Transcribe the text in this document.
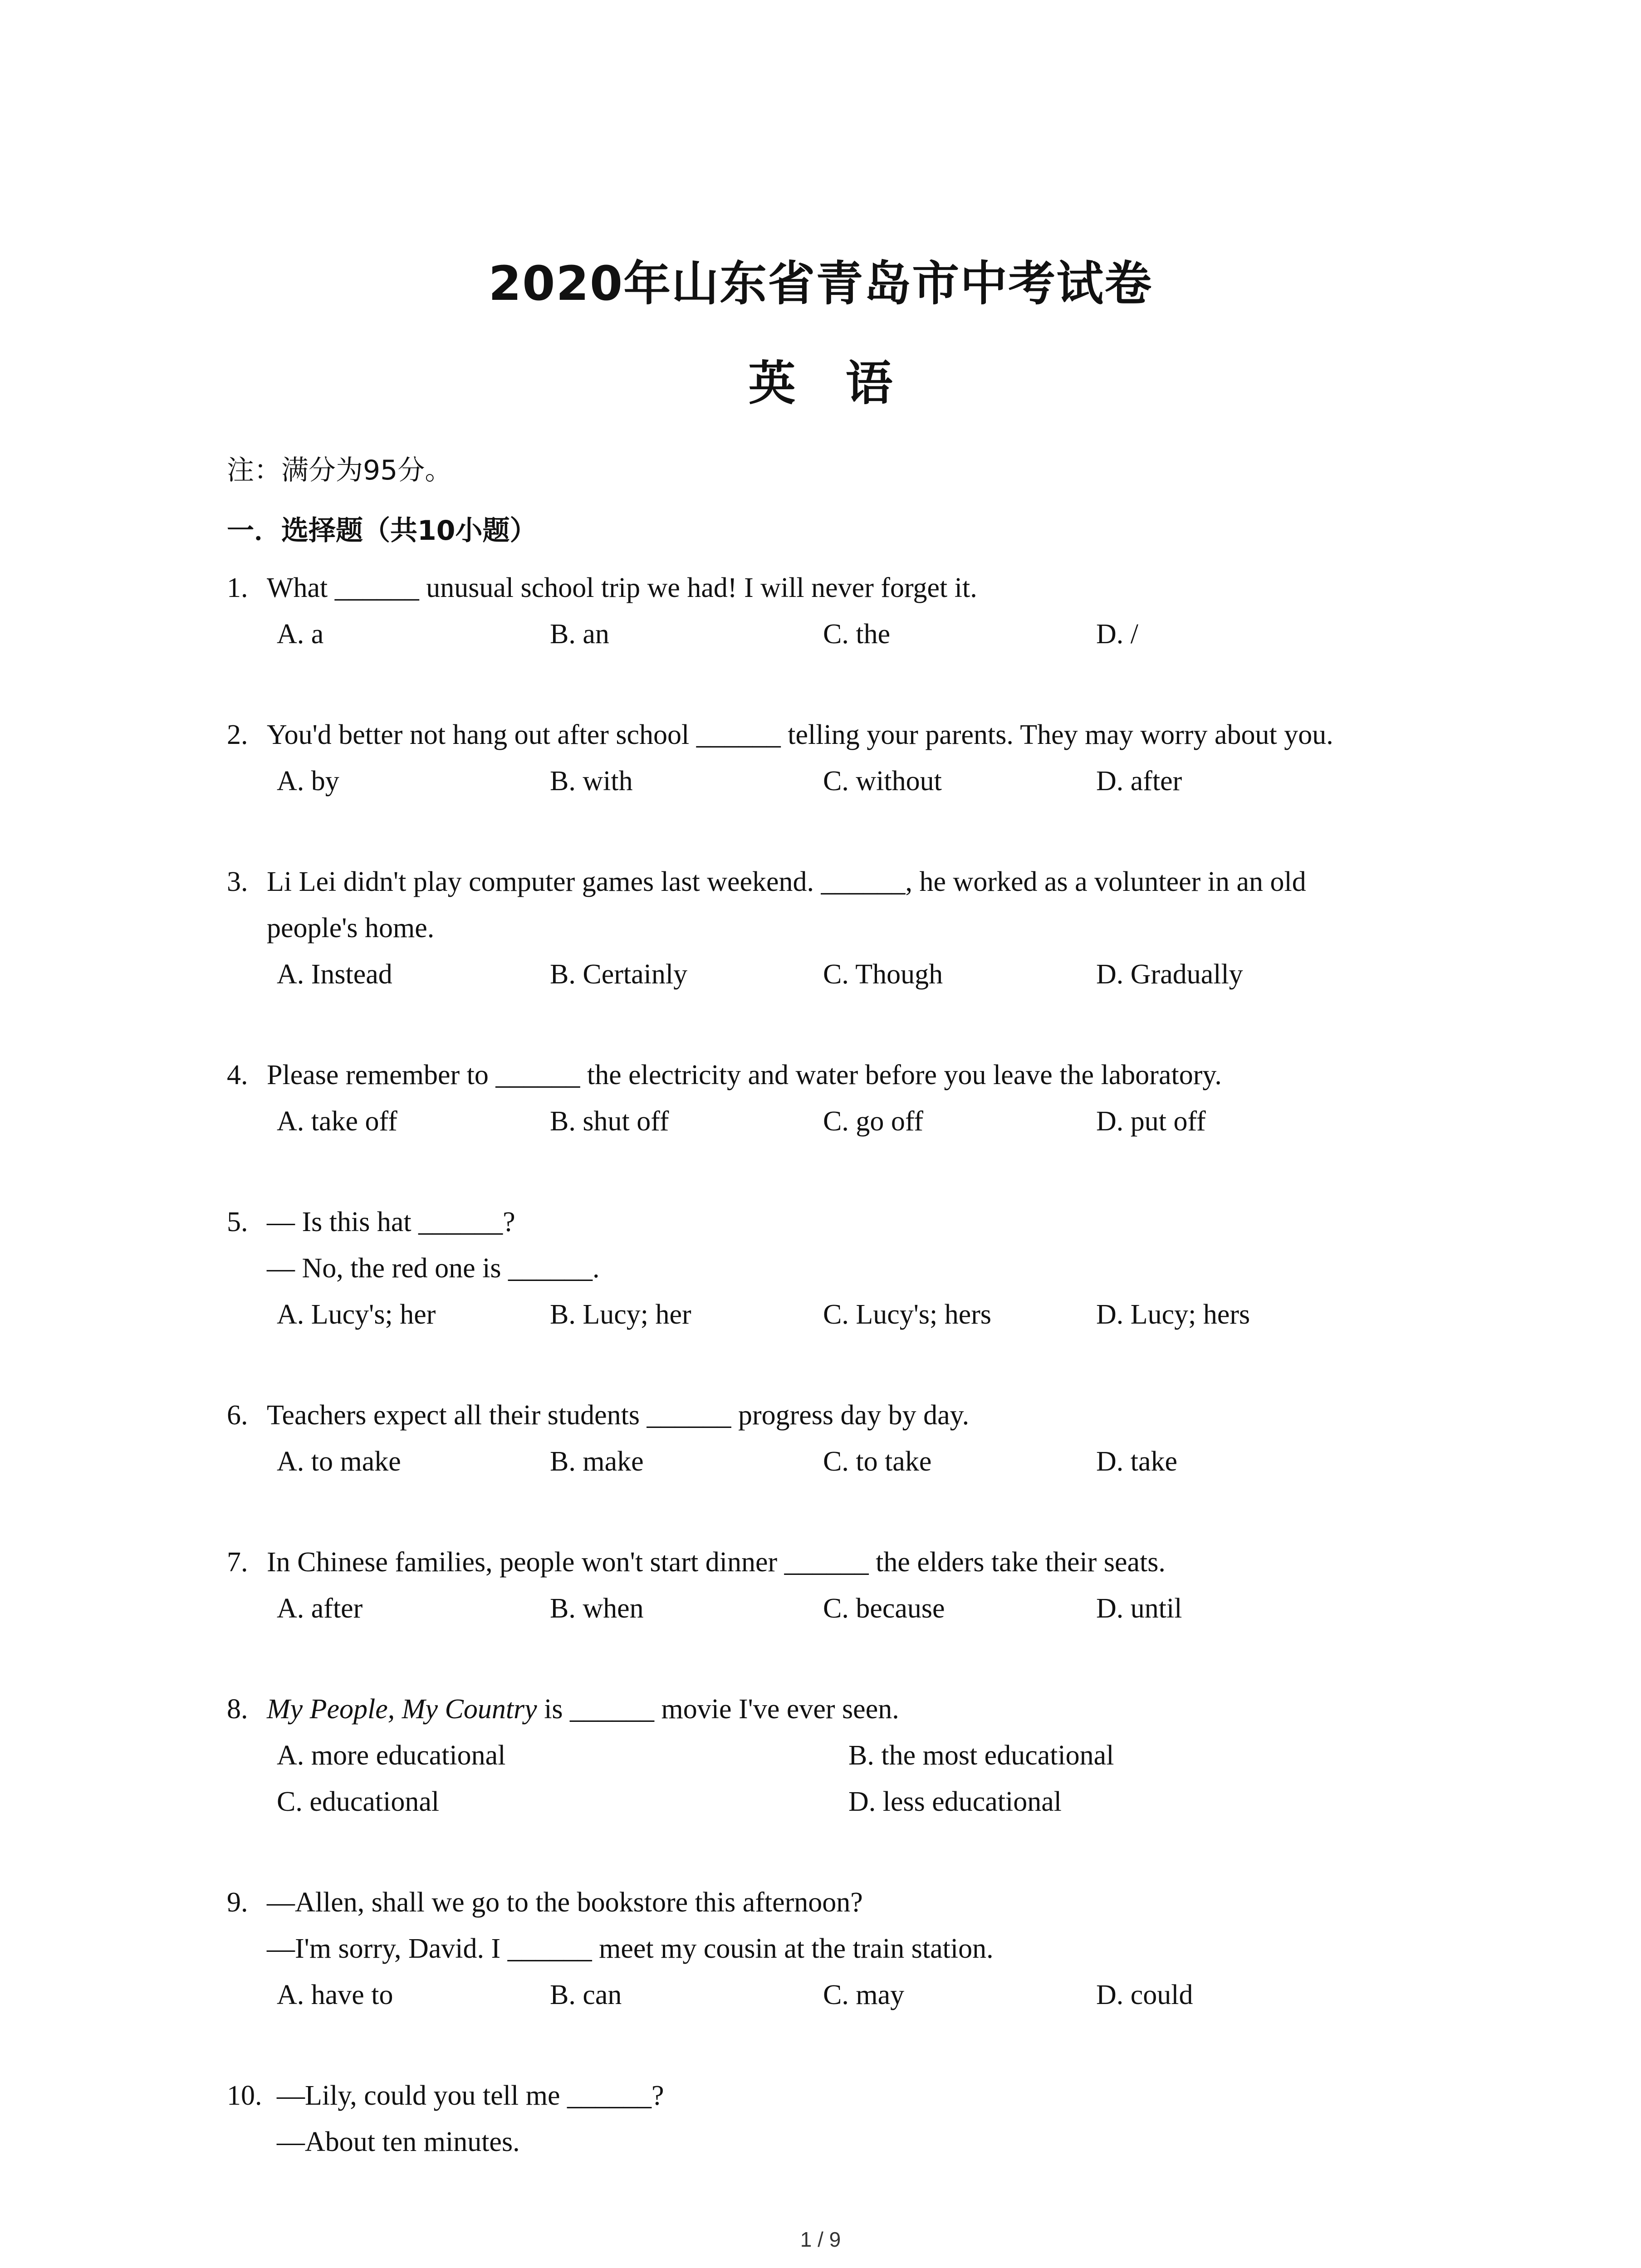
2020年山东省青岛市中考试卷
英语
注：满分为95分。
一．选择题（共10小题）
1. What ______ unusual school trip we had! I will never forget it.
A. a	B. an	C. the	D. /
2. You'd better not hang out after school ______ telling your parents. They may worry about you.
A. by	B. with	C. without	D. after
3. Li Lei didn't play computer games last weekend. ______, he worked as a volunteer in an old
people's home.
A. Instead	B. Certainly	C. Though	D. Gradually
4. Please remember to ______ the electricity and water before you leave the laboratory.
A. take off	B. shut off	C. go off	D. put off
5. — Is this hat ______?
— No, the red one is ______.
A. Lucy's; her	B. Lucy; her	C. Lucy's; hers	D. Lucy; hers
6. Teachers expect all their students ______ progress day by day.
A. to make	B. make	C. to take	D. take
7. In Chinese families, people won't start dinner ______ the elders take their seats.
A. after	B. when	C. because	D. until
8. My People, My Country is ______ movie I've ever seen.
A. more educational	B. the most educational
C. educational	D. less educational
9. —Allen, shall we go to the bookstore this afternoon?
—I'm sorry, David. I ______ meet my cousin at the train station.
A. have to	B. can	C. may	D. could
10. —Lily, could you tell me ______?
—About ten minutes.
1 / 9
